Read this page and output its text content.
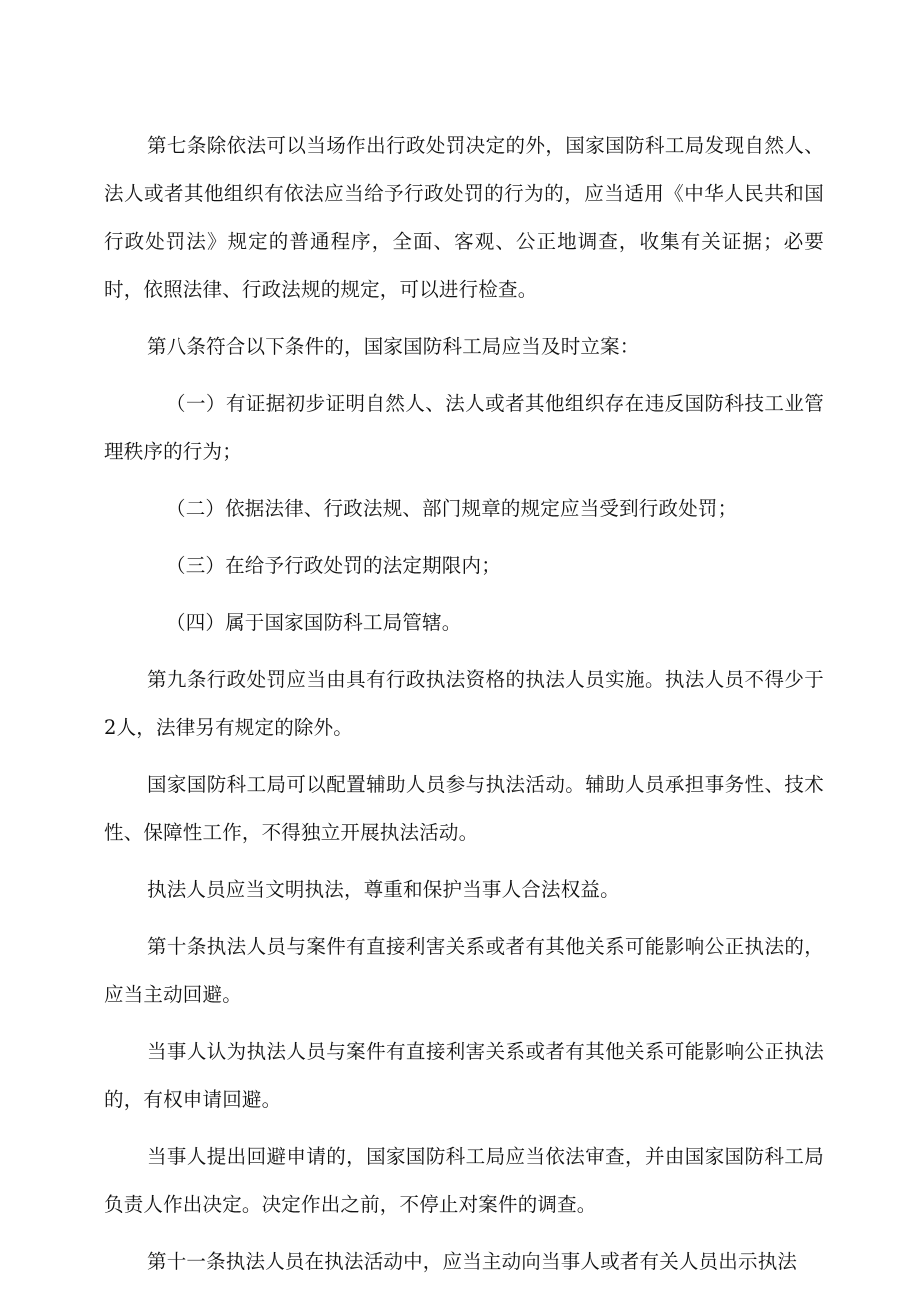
第七条除依法可以当场作出行政处罚决定的外，国家国防科工局发现自然人、法人或者其他组织有依法应当给予行政处罚的行为的，应当适用《中华人民共和国行政处罚法》规定的普通程序，全面、客观、公正地调查，收集有关证据；必要时，依照法律、行政法规的规定，可以进行检查。

第八条符合以下条件的，国家国防科工局应当及时立案：

（一）有证据初步证明自然人、法人或者其他组织存在违反国防科技工业管理秩序的行为；

（二）依据法律、行政法规、部门规章的规定应当受到行政处罚；

（三）在给予行政处罚的法定期限内；

（四）属于国家国防科工局管辖。

第九条行政处罚应当由具有行政执法资格的执法人员实施。执法人员不得少于2人，法律另有规定的除外。

国家国防科工局可以配置辅助人员参与执法活动。辅助人员承担事务性、技术性、保障性工作，不得独立开展执法活动。

执法人员应当文明执法，尊重和保护当事人合法权益。

第十条执法人员与案件有直接利害关系或者有其他关系可能影响公正执法的，应当主动回避。

当事人认为执法人员与案件有直接利害关系或者有其他关系可能影响公正执法的，有权申请回避。

当事人提出回避申请的，国家国防科工局应当依法审查，并由国家国防科工局负责人作出决定。决定作出之前，不停止对案件的调查。

第十一条执法人员在执法活动中，应当主动向当事人或者有关人员出示执法
